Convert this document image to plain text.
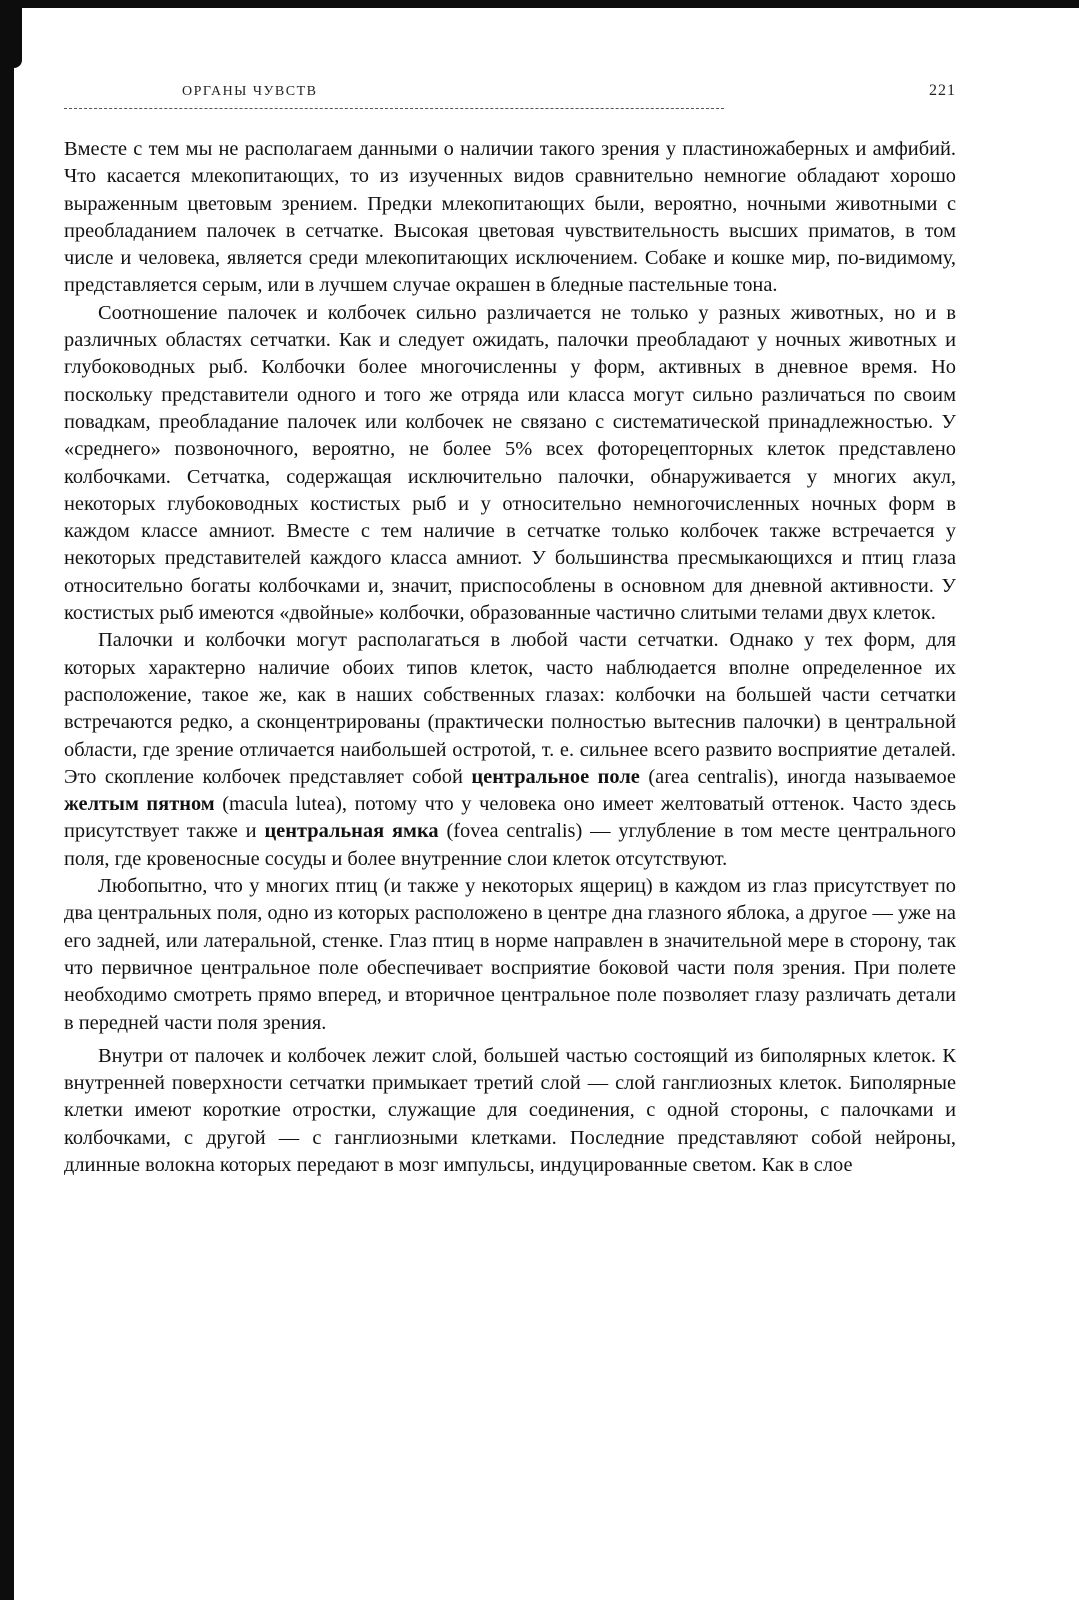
ОРГАНЫ ЧУВСТВ	221

Вместе с тем мы не располагаем данными о наличии такого зрения у пластиножаберных и амфибий. Что касается млекопитающих, то из изученных видов сравнительно немногие обладают хорошо выраженным цветовым зрением. Предки млекопитающих были, вероятно, ночными животными с преобладанием палочек в сетчатке. Высокая цветовая чувствительность высших приматов, в том числе и человека, является среди млекопитающих исключением. Собаке и кошке мир, по-видимому, представляется серым, или в лучшем случае окрашен в бледные пастельные тона.

Соотношение палочек и колбочек сильно различается не только у разных животных, но и в различных областях сетчатки. Как и следует ожидать, палочки преобладают у ночных животных и глубоководных рыб. Колбочки более многочисленны у форм, активных в дневное время. Но поскольку представители одного и того же отряда или класса могут сильно различаться по своим повадкам, преобладание палочек или колбочек не связано с систематической принадлежностью. У «среднего» позвоночного, вероятно, не более 5% всех фоторецепторных клеток представлено колбочками. Сетчатка, содержащая исключительно палочки, обнаруживается у многих акул, некоторых глубоководных костистых рыб и у относительно немногочисленных ночных форм в каждом классе амниот. Вместе с тем наличие в сетчатке только колбочек также встречается у некоторых представителей каждого класса амниот. У большинства пресмыкающихся и птиц глаза относительно богаты колбочками и, значит, приспособлены в основном для дневной активности. У костистых рыб имеются «двойные» колбочки, образованные частично слитыми телами двух клеток.

Палочки и колбочки могут располагаться в любой части сетчатки. Однако у тех форм, для которых характерно наличие обоих типов клеток, часто наблюдается вполне определенное их расположение, такое же, как в наших собственных глазах: колбочки на большей части сетчатки встречаются редко, а сконцентрированы (практически полностью вытеснив палочки) в центральной области, где зрение отличается наибольшей остротой, т. е. сильнее всего развито восприятие деталей. Это скопление колбочек представляет собой центральное поле (area centralis), иногда называемое желтым пятном (macula lutea), потому что у человека оно имеет желтоватый оттенок. Часто здесь присутствует также и центральная ямка (fovea centralis) — углубление в том месте центрального поля, где кровеносные сосуды и более внутренние слои клеток отсутствуют.

Любопытно, что у многих птиц (и также у некоторых ящериц) в каждом из глаз присутствует по два центральных поля, одно из которых расположено в центре дна глазного яблока, а другое — уже на его задней, или латеральной, стенке. Глаз птиц в норме направлен в значительной мере в сторону, так что первичное центральное поле обеспечивает восприятие боковой части поля зрения. При полете необходимо смотреть прямо вперед, и вторичное центральное поле позволяет глазу различать детали в передней части поля зрения.

Внутри от палочек и колбочек лежит слой, большей частью состоящий из биполярных клеток. К внутренней поверхности сетчатки примыкает третий слой — слой ганглиозных клеток. Биполярные клетки имеют короткие отростки, служащие для соединения, с одной стороны, с палочками и колбочками, с другой — с ганглиозными клетками. Последние представляют собой нейроны, длинные волокна которых передают в мозг импульсы, индуцированные светом. Как в слое
